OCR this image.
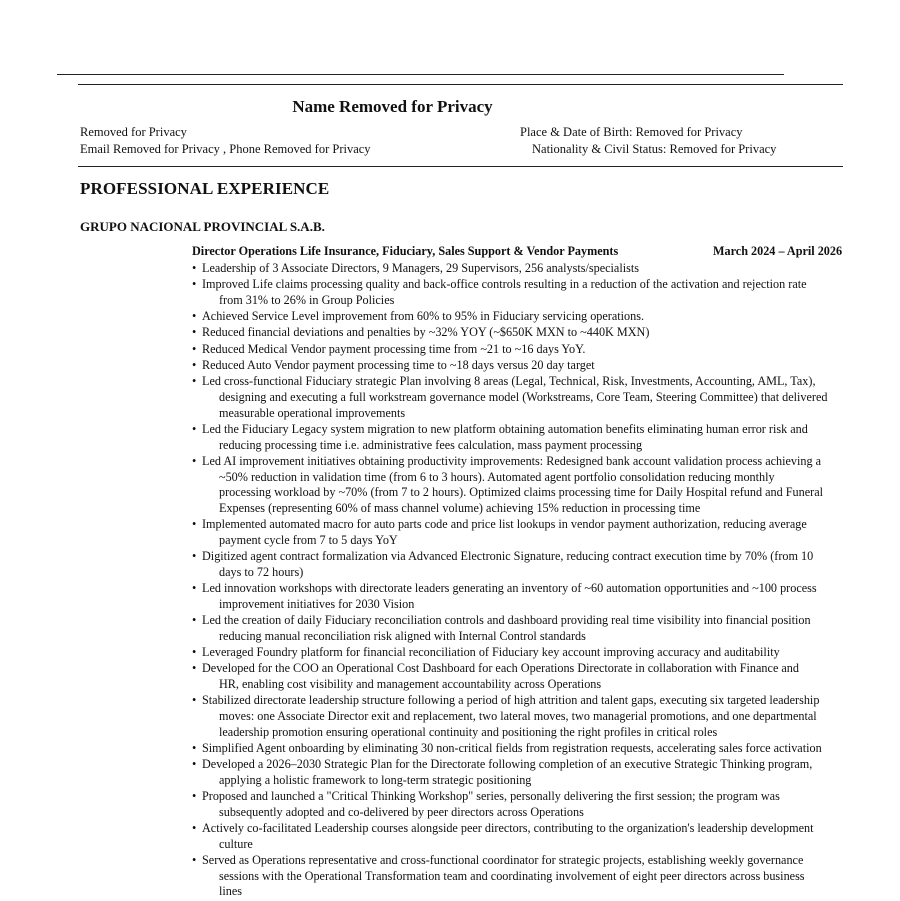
Name Removed for Privacy
Removed for Privacy
Email Removed for Privacy , Phone Removed for Privacy
Place & Date of Birth: Removed for Privacy
Nationality & Civil Status: Removed for Privacy
PROFESSIONAL EXPERIENCE
GRUPO NACIONAL PROVINCIAL S.A.B.
Director Operations Life Insurance, Fiduciary, Sales Support & Vendor Payments	March 2024 – April 2026
• Leadership of 3 Associate Directors, 9 Managers, 29 Supervisors, 256 analysts/specialists
• Improved Life claims processing quality and back-office controls resulting in a reduction of the activation and rejection rate
from 31% to 26% in Group Policies
• Achieved Service Level improvement from 60% to 95% in Fiduciary servicing operations.
• Reduced financial deviations and penalties by ~32% YOY (~$650K MXN to ~440K MXN)
• Reduced Medical Vendor payment processing time from ~21 to ~16 days YoY.
• Reduced Auto Vendor payment processing time to ~18 days versus 20 day target
• Led cross-functional Fiduciary strategic Plan involving 8 areas (Legal, Technical, Risk, Investments, Accounting, AML, Tax),
designing and executing a full workstream governance model (Workstreams, Core Team, Steering Committee) that delivered
measurable operational improvements
• Led the Fiduciary Legacy system migration to new platform obtaining automation benefits eliminating human error risk and
reducing processing time i.e. administrative fees calculation, mass payment processing
• Led AI improvement initiatives obtaining productivity improvements: Redesigned bank account validation process achieving a
~50% reduction in validation time (from 6 to 3 hours). Automated agent portfolio consolidation reducing monthly
processing workload by ~70% (from 7 to 2 hours). Optimized claims processing time for Daily Hospital refund and Funeral
Expenses (representing 60% of mass channel volume) achieving 15% reduction in processing time
• Implemented automated macro for auto parts code and price list lookups in vendor payment authorization, reducing average
payment cycle from 7 to 5 days YoY
• Digitized agent contract formalization via Advanced Electronic Signature, reducing contract execution time by 70% (from 10
days to 72 hours)
• Led innovation workshops with directorate leaders generating an inventory of ~60 automation opportunities and ~100 process
improvement initiatives for 2030 Vision
• Led the creation of daily Fiduciary reconciliation controls and dashboard providing real time visibility into financial position
reducing manual reconciliation risk aligned with Internal Control standards
• Leveraged Foundry platform for financial reconciliation of Fiduciary key account improving accuracy and auditability
• Developed for the COO an Operational Cost Dashboard for each Operations Directorate in collaboration with Finance and
HR, enabling cost visibility and management accountability across Operations
• Stabilized directorate leadership structure following a period of high attrition and talent gaps, executing six targeted leadership
moves: one Associate Director exit and replacement, two lateral moves, two managerial promotions, and one departmental
leadership promotion ensuring operational continuity and positioning the right profiles in critical roles
• Simplified Agent onboarding by eliminating 30 non-critical fields from registration requests, accelerating sales force activation
• Developed a 2026–2030 Strategic Plan for the Directorate following completion of an executive Strategic Thinking program,
applying a holistic framework to long-term strategic positioning
• Proposed and launched a "Critical Thinking Workshop" series, personally delivering the first session; the program was
subsequently adopted and co-delivered by peer directors across Operations
• Actively co-facilitated Leadership courses alongside peer directors, contributing to the organization's leadership development
culture
• Served as Operations representative and cross-functional coordinator for strategic projects, establishing weekly governance
sessions with the Operational Transformation team and coordinating involvement of eight peer directors across business
lines
